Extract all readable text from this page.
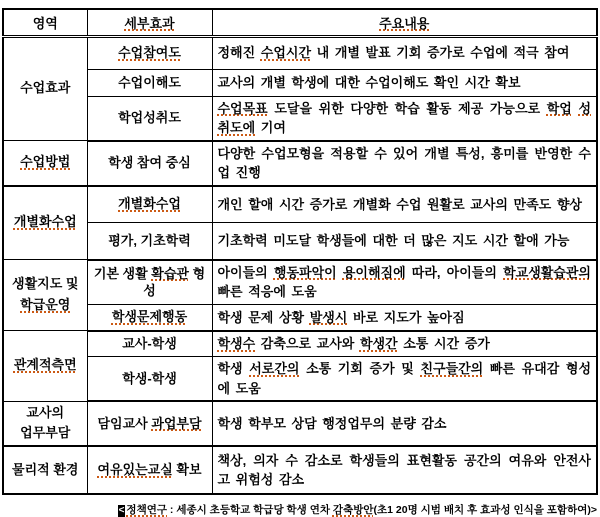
영역	세부효과	주요내용
수업효과	수업참여도	정해진 수업시간 내 개별 발표 기회 증가로 수업에 적극 참여
	수업이해도	교사의 개별 학생에 대한 수업이해도 확인 시간 확보
	학업성취도	수업목표 도달을 위한 다양한 학습 활동 제공 가능으로 학업 성취도에 기여
수업방법	학생 참여 중심	다양한 수업모형을 적용할 수 있어 개별 특성, 흥미를 반영한 수업 진행
개별화수업	개별화수업	개인 할애 시간 증가로 개별화 수업 원활로 교사의 만족도 향상
	평가, 기초학력	기초학력 미도달 학생들에 대한 더 많은 지도 시간 할애 가능
생활지도 및
학급운영	기본 생활 확습관 형성	아이들의 행동파악이 용이해짐에 따라, 아이들의 학교생활습관의 빠른 적응에 도움
	학생문제행동	학생 문제 상황 발생시 바로 지도가 높아짐
관계적측면	교사-학생	학생수 감축으로 교사와 학생간 소통 시간 증가
	학생-학생	학생 서로간의 소통 기회 증가 및 친구들간의 빠른 유대감 형성에 도움
교사의
업무부담	담임교사 과업부담	학생 학부모 상담 행정업무의 분량 감소
물리적 환경	여유있는교실 확보	책상, 의자 수 감소로 학생들의 표현활동 공간의 여유와 안전사고 위험성 감소
< 정책연구 : 세종시 초등학교 학급당 학생 연차 감축방안(초1 20명 시범 배치 후 효과성 인식을 포함하여)>
